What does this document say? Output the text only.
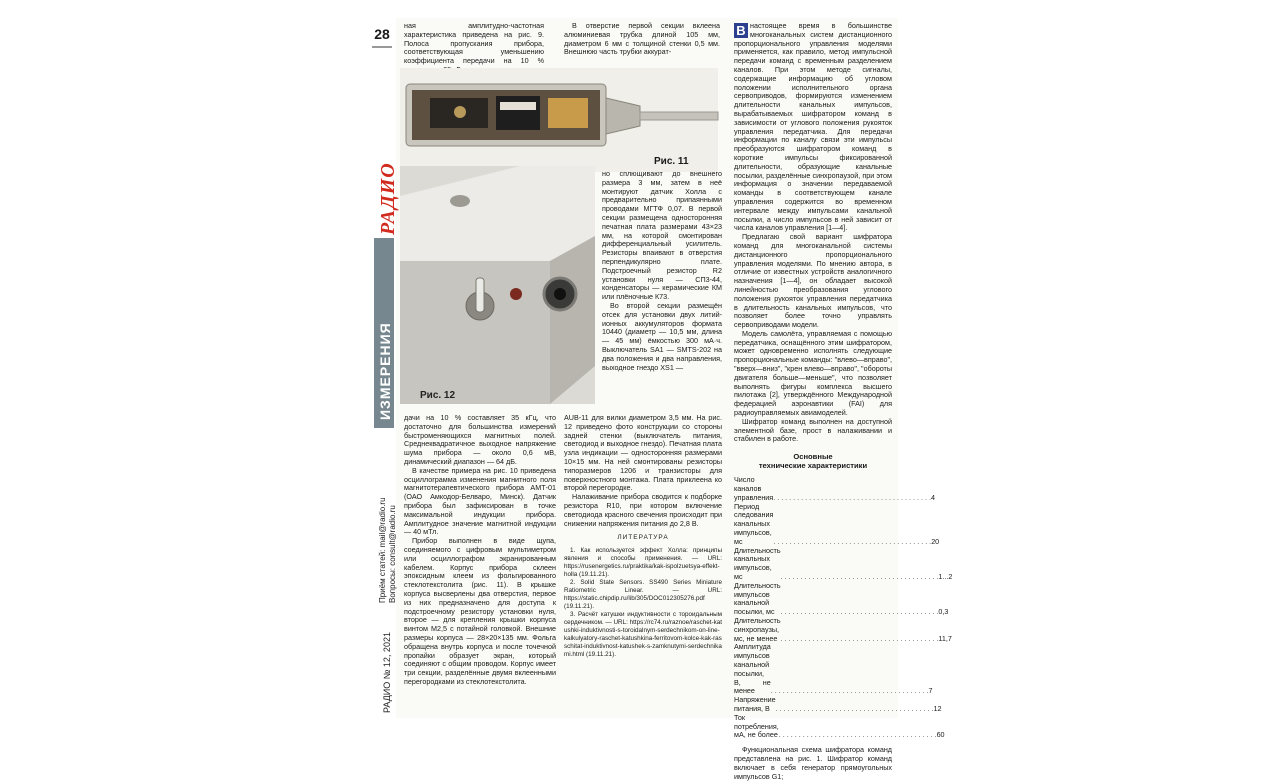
28
РАДИО
ИЗМЕРЕНИЯ
Приём статей: mail@radio.ru
Вопросы: consult@radio.ru
РАДИО № 12, 2021

ная амплитудно-частотная характеристика приведена на рис. 9. Полоса пропускания прибора, соответствующая уменьшению коэффициента передачи на 10 %

В отверстие первой секции вклеена алюминиевая трубка длиной 105 мм, диаметром 6 мм с толщиной стенки 0,5 мм. Внешнюю часть трубки аккурат-

Рис. 11
Рис. 12

но сплющивают до внешнего размера 3 мм, затем в неё монтируют датчик Холла с предварительно припаянными проводами МГТФ 0,07. В первой секции размещена односторонняя печатная плата размерами 43×23 мм, на которой смонтирован дифференциальный усилитель. Резисторы впаивают в отверстия перпендикулярно плате. Подстроечный резистор R2 установки нуля — СП3-44, конденсаторы — керамические КМ или плёночные К73.

Во второй секции размещён отсек для установки двух литий-ионных аккумуляторов формата 10440 (диаметр — 10,5 мм, длина — 45 мм) ёмкостью 300 мА·ч. Выключатель SA1 — SMTS-202 на два положения и два направления, выходное гнездо XS1 —

дачи на 10 % составляет 35 кГц, что достаточно для большинства измерений быстроменяющихся магнитных полей. Среднеквадратичное выходное напряжение шума прибора — около 0,6 мВ, динамический диапазон — 64 дБ.

В качестве примера на рис. 10 приведена осциллограмма изменения магнитного поля магнитотерапевтического прибора АМТ-01 (ОАО Амкодор-Белваро, Минск). Датчик прибора был зафиксирован в точке максимальной индукции прибора. Амплитудное значение магнитной индукции — 40 мТл.

Прибор выполнен в виде щупа, соединяемого с цифровым мультиметром или осциллографом экранированным кабелем. Корпус прибора склеен эпоксидным клеем из фольгированного стеклотекстолита (рис. 11). В крышке корпуса высверлены два отверстия, первое из них предназначено для доступа к подстроечному резистору установки нуля, второе — для крепления крышки корпуса винтом М2,5 с потайной головкой. Внешние размеры корпуса — 28×20×135 мм. Фольга обращена внутрь корпуса и после точечной пропайки образует экран, который соединяют с общим проводом. Корпус имеет три секции, разделённые двумя вклеенными перегородками из стеклотекстолита.

AUB-11 для вилки диаметром 3,5 мм. На рис. 12 приведено фото конструкции со стороны задней стенки (выключатель питания, светодиод и выходное гнездо). Печатная плата узла индикации — односторонняя размерами 10×15 мм. На ней смонтированы резисторы типоразмеров 1206 и транзисторы для поверхностного монтажа. Плата приклеена ко второй перегородке.

Налаживание прибора сводится к подборке резистора R10, при котором включение светодиода красного свечения происходит при снижении напряжения питания до 2,8 В.

ЛИТЕРАТУРА

1. Как используется эффект Холла: принципы явления и способы применения. — URL: https://rusenergetics.ru/praktika/kak-ispolzuetsya-effekt-holla (19.11.21).

2. Solid State Sensors. SS490 Series Miniature Ratiometric Linear. — URL: https://static.chipdip.ru/lib/305/DOC012305276.pdf (19.11.21).

3. Расчёт катушки индуктивности с тороидальным сердечником. — URL: https://rc74.ru/raznoe/raschet-katushki-induktivnosti-s-toroidalnym-serdechnikom-on-line-kalkulyatory-raschet-katushkina-ferritovom-kolce-kak-rasschitat-induktivnost-katushek-s-zamknutymi-serdechnikami.html (19.11.21).

В настоящее время в большинстве многоканальных систем дистанционного пропорционального управления моделями применяется, как правило, метод импульсной передачи команд с временным разделением каналов. При этом методе сигналы, содержащие информацию об угловом положении исполнительного органа сервоприводов, формируются изменением длительности канальных импульсов, вырабатываемых шифратором команд в зависимости от углового положения рукояток управления передатчика. Для передачи информации по каналу связи эти импульсы преобразуются шифратором команд в короткие импульсы фиксированной длительности, образующие канальные посылки, разделённые синхропаузой, при этом информация о значении передаваемой команды в соответствующем канале управления содержится во временном интервале между импульсами канальной посылки, а число импульсов в ней зависит от числа каналов управления [1—4].

Предлагаю свой вариант шифратора команд для многоканальной системы дистанционного пропорционального управления моделями. По мнению автора, в отличие от известных устройств аналогичного назначения [1—4], он обладает высокой линейностью преобразования углового положения рукояток управления передатчика в длительность канальных импульсов, что позволяет более точно управлять сервоприводами модели.

Модель самолёта, управляемая с помощью передатчика, оснащённого этим шифратором, может одновременно исполнять следующие пропорциональные команды: "влево—вправо", "вверх—вниз", "крен влево—вправо", "обороты двигателя больше—меньше", что позволяет выполнять фигуры комплекса высшего пилотажа [2], утверждённого Международной федерацией аэронавтики (FAI) для радиоуправляемых авиамоделей.

Шифратор команд выполнен на доступной элементной базе, прост в налаживании и стабилен в работе.

Основные
технические характеристики
Число каналов управления . . . . . . . . . . . . . . . . . . . . . . . . . . . . . . . . . . . . . . . . 4
Период следования канальных импульсов, мс	. . . . . . . . . . . . . . . . . . . . . . . . . . . . . . . . . . . . . . . . 20
Длительность канальных импульсов, мс	. . . . . . . . . . . . . . . . . . . . . . . . . . . . . . . . . . . . . . . . 1...2
Длительность импульсов канальной посылки, мс . . . . . . . . . . . . . . . . . . . . . . . . . . . . . . . . . . . . . . . . 0,3
Длительность синхропаузы, мс, не менее . . . . . . . . . . . . . . . . . . . . . . . . . . . . . . . . . . . . . . . . 11,7
Амплитуда импульсов канальной посылки, В, не менее	. . . . . . . . . . . . . . . . . . . . . . . . . . . . . . . . . . . . . . . . 7
Напряжение питания, В . . . . . . . . . . . . . . . . . . . . . . . . . . . . . . . . . . . . . . . . 12
Ток потребления, мА, не более . . . . . . . . . . . . . . . . . . . . . . . . . . . . . . . . . . . . . . . . 60

Функциональная схема шифратора команд представлена на рис. 1. Шифратор команд включает в себя генератор прямоугольных импульсов G1;
